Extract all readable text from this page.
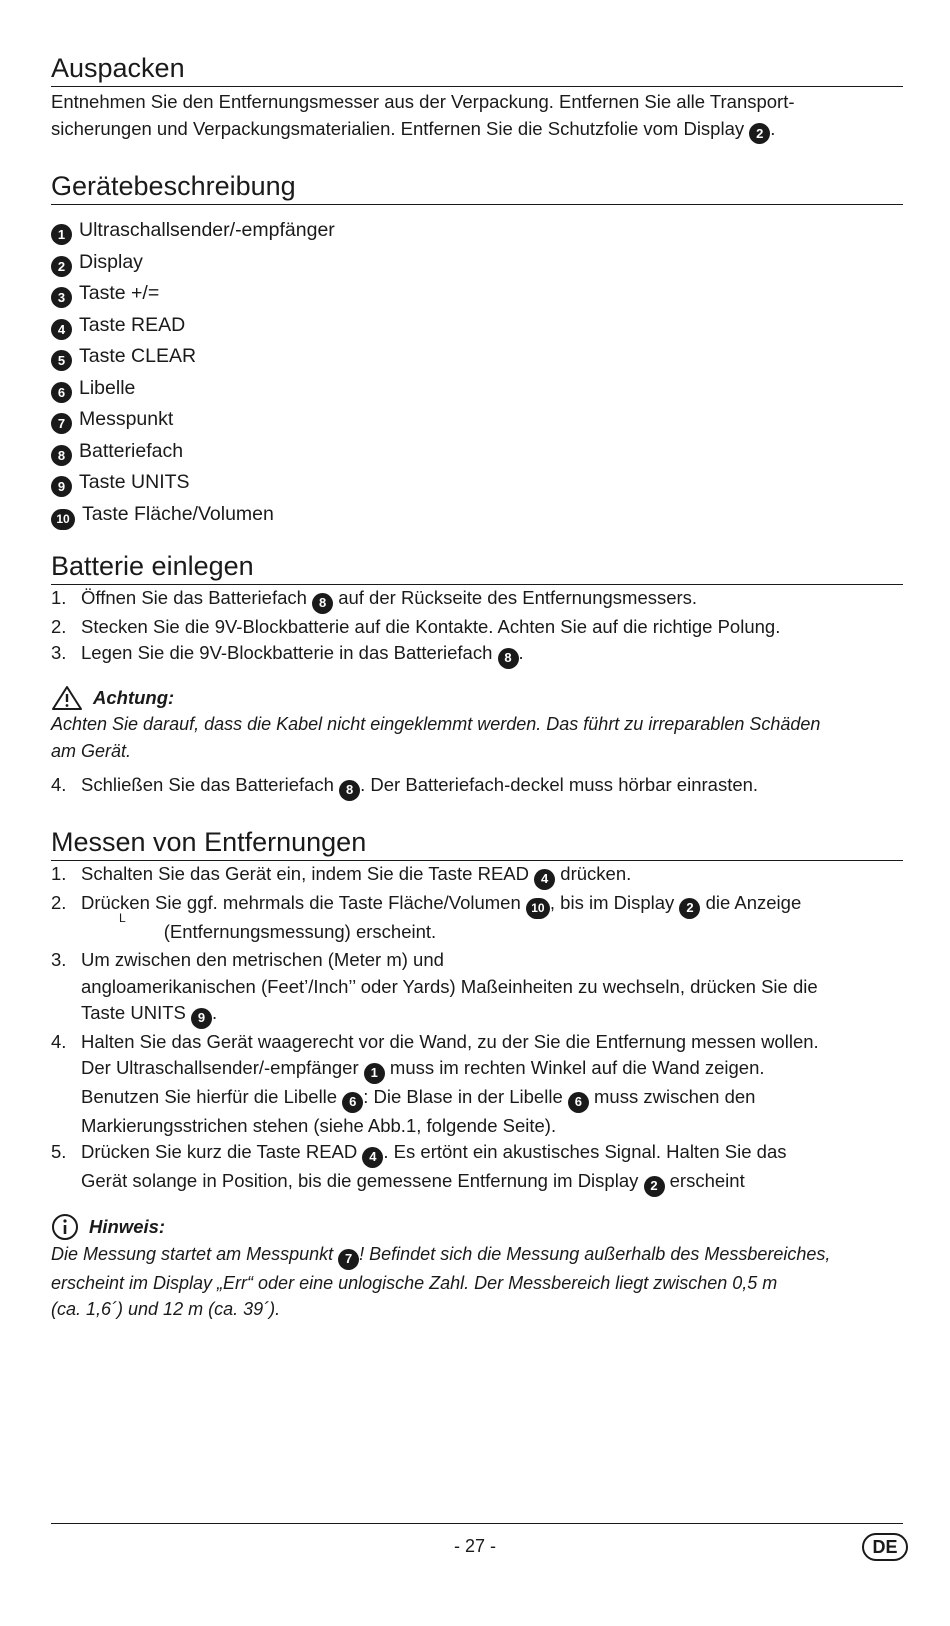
Auspacken

Entnehmen Sie den Entfernungsmesser aus der Verpackung. Entfernen Sie alle Transport-
sicherungen und Verpackungsmaterialien. Entfernen Sie die Schutzfolie vom Display 2 .

Gerätebeschreibung
1 Ultraschallsender/-empfänger
2 Display
3 Taste +/=
4 Taste READ
5 Taste CLEAR
6 Libelle
7 Messpunkt
8 Batteriefach
9 Taste UNITS
10 Taste Fläche/Volumen
Batterie einlegen
1. Öffnen Sie das Batteriefach 8 auf der Rückseite des Entfernungsmessers.
2. Stecken Sie die 9V-Blockbatterie auf die Kontakte. Achten Sie auf die richtige Polung.
3. Legen Sie die 9V-Blockbatterie in das Batteriefach 8 .
Achtung:

Achten Sie darauf, dass die Kabel nicht eingeklemmt werden. Das führt zu irreparablen Schäden
am Gerät.

4. Schließen Sie das Batteriefach 8 . Der Batteriefach-deckel muss hörbar einrasten.
Messen von Entfernungen
1. Schalten Sie das Gerät ein, indem Sie die Taste READ 4 drücken.
2. Drücken Sie ggf. mehrmals die Taste Fläche/Volumen 10 , bis im Display 2 die Anzeige
$^L$(Entfernungsmessung) erscheint.
3. Um zwischen den metrischen (Meter m) und
angloamerikanischen (Feet’/Inch’’ oder Yards) Maßeinheiten zu wechseln, drücken Sie die
Taste UNITS 9 .
4. Halten Sie das Gerät waagerecht vor die Wand, zu der Sie die Entfernung messen wollen.
Der Ultraschallsender/-empfänger 1 muss im rechten Winkel auf die Wand zeigen.
Benutzen Sie hierfür die Libelle 6 : Die Blase in der Libelle 6 muss zwischen den
Markierungsstrichen stehen (siehe Abb.1, folgende Seite).
5. Drücken Sie kurz die Taste READ 4 . Es ertönt ein akustisches Signal. Halten Sie das
Gerät solange in Position, bis die gemessene Entfernung im Display 2 erscheint
Hinweis:

Die Messung startet am Messpunkt 7 ! Befindet sich die Messung außerhalb des Messbereiches,
erscheint im Display „Err“ oder eine unlogische Zahl. Der Messbereich liegt zwischen 0,5 m
(ca. 1,6´) und 12 m (ca. 39´).

- 27 -	DE
